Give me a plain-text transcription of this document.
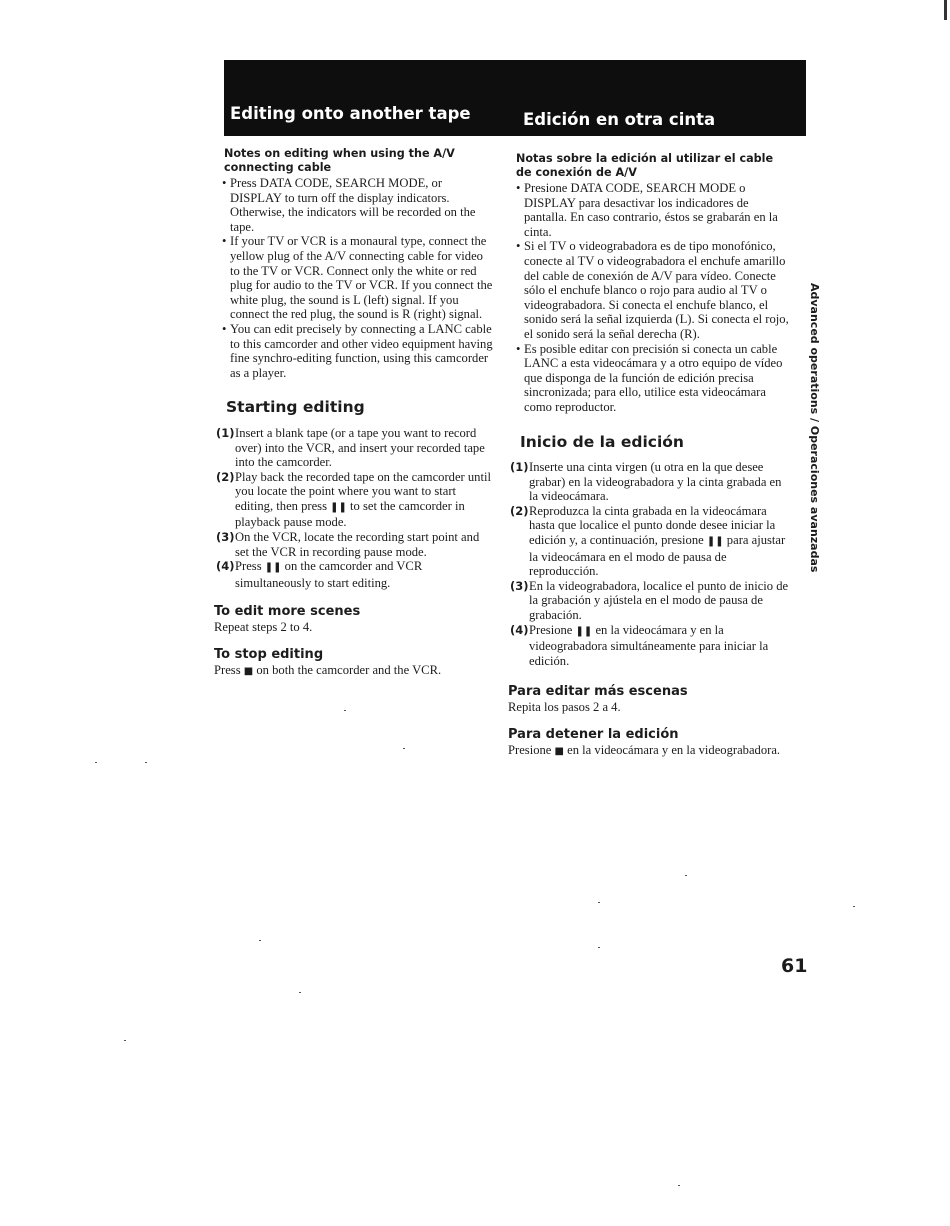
Editing onto another tape	Edición en otra cinta

Notes on editing when using the A/V connecting cable

• Press DATA CODE, SEARCH MODE, or DISPLAY to turn off the display indicators. Otherwise, the indicators will be recorded on the tape.

• If your TV or VCR is a monaural type, connect the yellow plug of the A/V connecting cable for video to the TV or VCR. Connect only the white or red plug for audio to the TV or VCR. If you connect the white plug, the sound is L (left) signal. If you connect the red plug, the sound is R (right) signal.

• You can edit precisely by connecting a LANC cable to this camcorder and other video equipment having fine synchro-editing function, using this camcorder as a player.

Starting editing

(1) Insert a blank tape (or a tape you want to record over) into the VCR, and insert your recorded tape into the camcorder.

(2) Play back the recorded tape on the camcorder until you locate the point where you want to start editing, then press ❚❚ to set the camcorder in playback pause mode.

(3) On the VCR, locate the recording start point and set the VCR in recording pause mode.

(4) Press ❚❚ on the camcorder and VCR simultaneously to start editing.

To edit more scenes

Repeat steps 2 to 4.

To stop editing

Press ■ on both the camcorder and the VCR.

Notas sobre la edición al utilizar el cable de conexión de A/V

• Presione DATA CODE, SEARCH MODE o DISPLAY para desactivar los indicadores de pantalla. En caso contrario, éstos se grabarán en la cinta.

• Si el TV o videograbadora es de tipo monofónico, conecte al TV o videograbadora el enchufe amarillo del cable de conexión de A/V para vídeo. Conecte sólo el enchufe blanco o rojo para audio al TV o videograbadora. Si conecta el enchufe blanco, el sonido será la señal izquierda (L). Si conecta el rojo, el sonido será la señal derecha (R).

• Es posible editar con precisión si conecta un cable LANC a esta videocámara y a otro equipo de vídeo que disponga de la función de edición precisa sincronizada; para ello, utilice esta videocámara como reproductor.

Inicio de la edición

(1) Inserte una cinta virgen (u otra en la que desee grabar) en la videograbadora y la cinta grabada en la videocámara.

(2) Reproduzca la cinta grabada en la videocámara hasta que localice el punto donde desee iniciar la edición y, a continuación, presione ❚❚ para ajustar la videocámara en el modo de pausa de reproducción.

(3) En la videograbadora, localice el punto de inicio de la grabación y ajústela en el modo de pausa de grabación.

(4) Presione ❚❚ en la videocámara y en la videograbadora simultáneamente para iniciar la edición.

Para editar más escenas

Repita los pasos 2 a 4.

Para detener la edición

Presione ■ en la videocámara y en la videograbadora.

Advanced operations / Operaciones avanzadas
61
